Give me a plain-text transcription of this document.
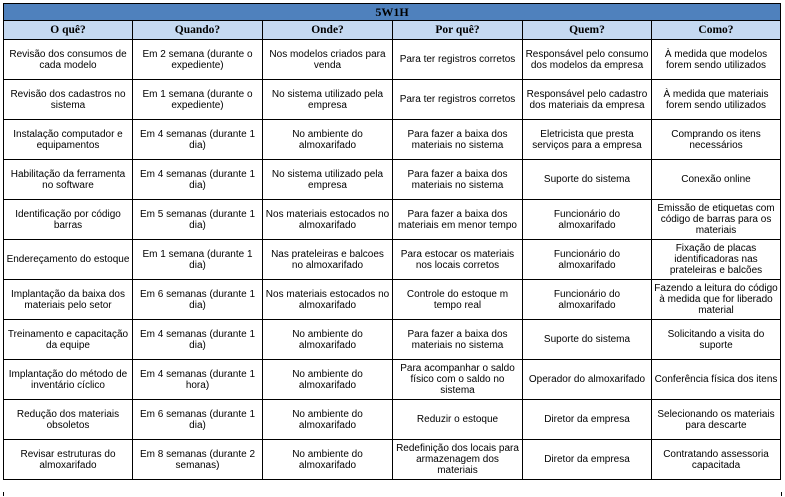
5W1H					
O quê?	Quando?	Onde?	Por quê?	Quem?	Como?
Revisão dos consumos de cada modelo	Em 2 semana (durante o expediente)	Nos modelos criados para venda	Para ter registros corretos	Responsável pelo consumo dos modelos da empresa	À medida que modelos forem sendo utilizados
Revisão dos cadastros no sistema	Em 1 semana (durante o expediente)	No sistema utilizado pela empresa	Para ter registros corretos	Responsável pelo cadastro dos materiais da empresa	À medida que materiais forem sendo utilizados
Instalação computador e equipamentos	Em 4 semanas (durante 1 dia)	No ambiente do almoxarifado	Para fazer a baixa dos materiais no sistema	Eletricista que presta serviços para a empresa	Comprando os itens necessários
Habilitação da ferramenta no software	Em 4 semanas (durante 1 dia)	No sistema utilizado pela empresa	Para fazer a baixa dos materiais no sistema	Suporte do sistema	Conexão online
Identificação por código barras	Em 5 semanas (durante 1 dia)	Nos materiais estocados no almoxarifado	Para fazer a baixa dos materiais em menor tempo	Funcionário do almoxarifado	Emissão de etiquetas com código de barras para os materiais
Endereçamento do estoque	Em 1 semana (durante 1 dia)	Nas prateleiras e balcoes no almoxarifado	Para estocar os materiais nos locais corretos	Funcionário do almoxarifado	Fixação de placas identificadoras nas prateleiras e balcões
Implantação da baixa dos materiais pelo setor	Em 6 semanas (durante 1 dia)	Nos materiais estocados no almoxarifado	Controle do estoque m tempo real	Funcionário do almoxarifado	Fazendo a leitura do código à medida que for liberado material
Treinamento e capacitação da equipe	Em 4 semanas (durante 1 dia)	No ambiente do almoxarifado	Para fazer a baixa dos materiais no sistema	Suporte do sistema	Solicitando a visita do suporte
Implantação do método de inventário cíclico	Em 4 semanas (durante 1 hora)	No ambiente do almoxarifado	Para acompanhar o saldo físico com o saldo no sistema	Operador do almoxarifado	Conferência física dos itens
Redução dos materiais obsoletos	Em 6 semanas (durante 1 dia)	No ambiente do almoxarifado	Reduzir o estoque	Diretor da empresa	Selecionando os materiais para descarte
Revisar estruturas do almoxarifado	Em 8 semanas (durante 2 semanas)	No ambiente do almoxarifado	Redefinição dos locais para armazenagem dos materiais	Diretor da empresa	Contratando assessoria capacitada
